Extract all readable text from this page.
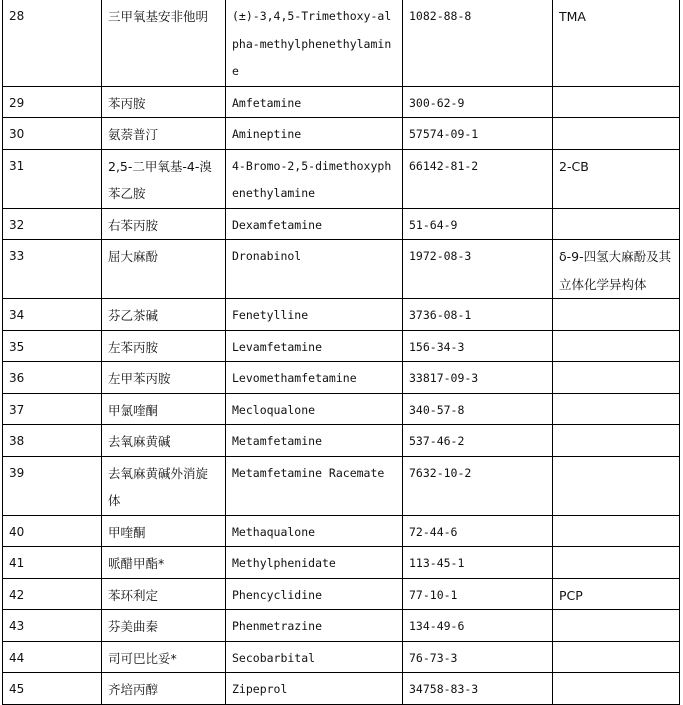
28	三甲氧基安非他明	(±)-3,4,5-Trimethoxy-alpha-methylphenethylamine	1082-88-8	TMA
29	苯丙胺	Amfetamine	300-62-9	
30	氨萘普汀	Amineptine	57574-09-1	
31	2,5-二甲氧基-4-溴苯乙胺	4-Bromo-2,5-dimethoxyphenethylamine	66142-81-2	2-CB
32	右苯丙胺	Dexamfetamine	51-64-9	
33	屈大麻酚	Dronabinol	1972-08-3	δ-9-四氢大麻酚及其立体化学异构体
34	芬乙茶碱	Fenetylline	3736-08-1	
35	左苯丙胺	Levamfetamine	156-34-3	
36	左甲苯丙胺	Levomethamfetamine	33817-09-3	
37	甲氯喹酮	Mecloqualone	340-57-8	
38	去氧麻黄碱	Metamfetamine	537-46-2	
39	去氧麻黄碱外消旋体	Metamfetamine Racemate	7632-10-2	
40	甲喹酮	Methaqualone	72-44-6	
41	哌醋甲酯*	Methylphenidate	113-45-1	
42	苯环利定	Phencyclidine	77-10-1	PCP
43	芬美曲秦	Phenmetrazine	134-49-6	
44	司可巴比妥*	Secobarbital	76-73-3	
45	齐培丙醇	Zipeprol	34758-83-3	
